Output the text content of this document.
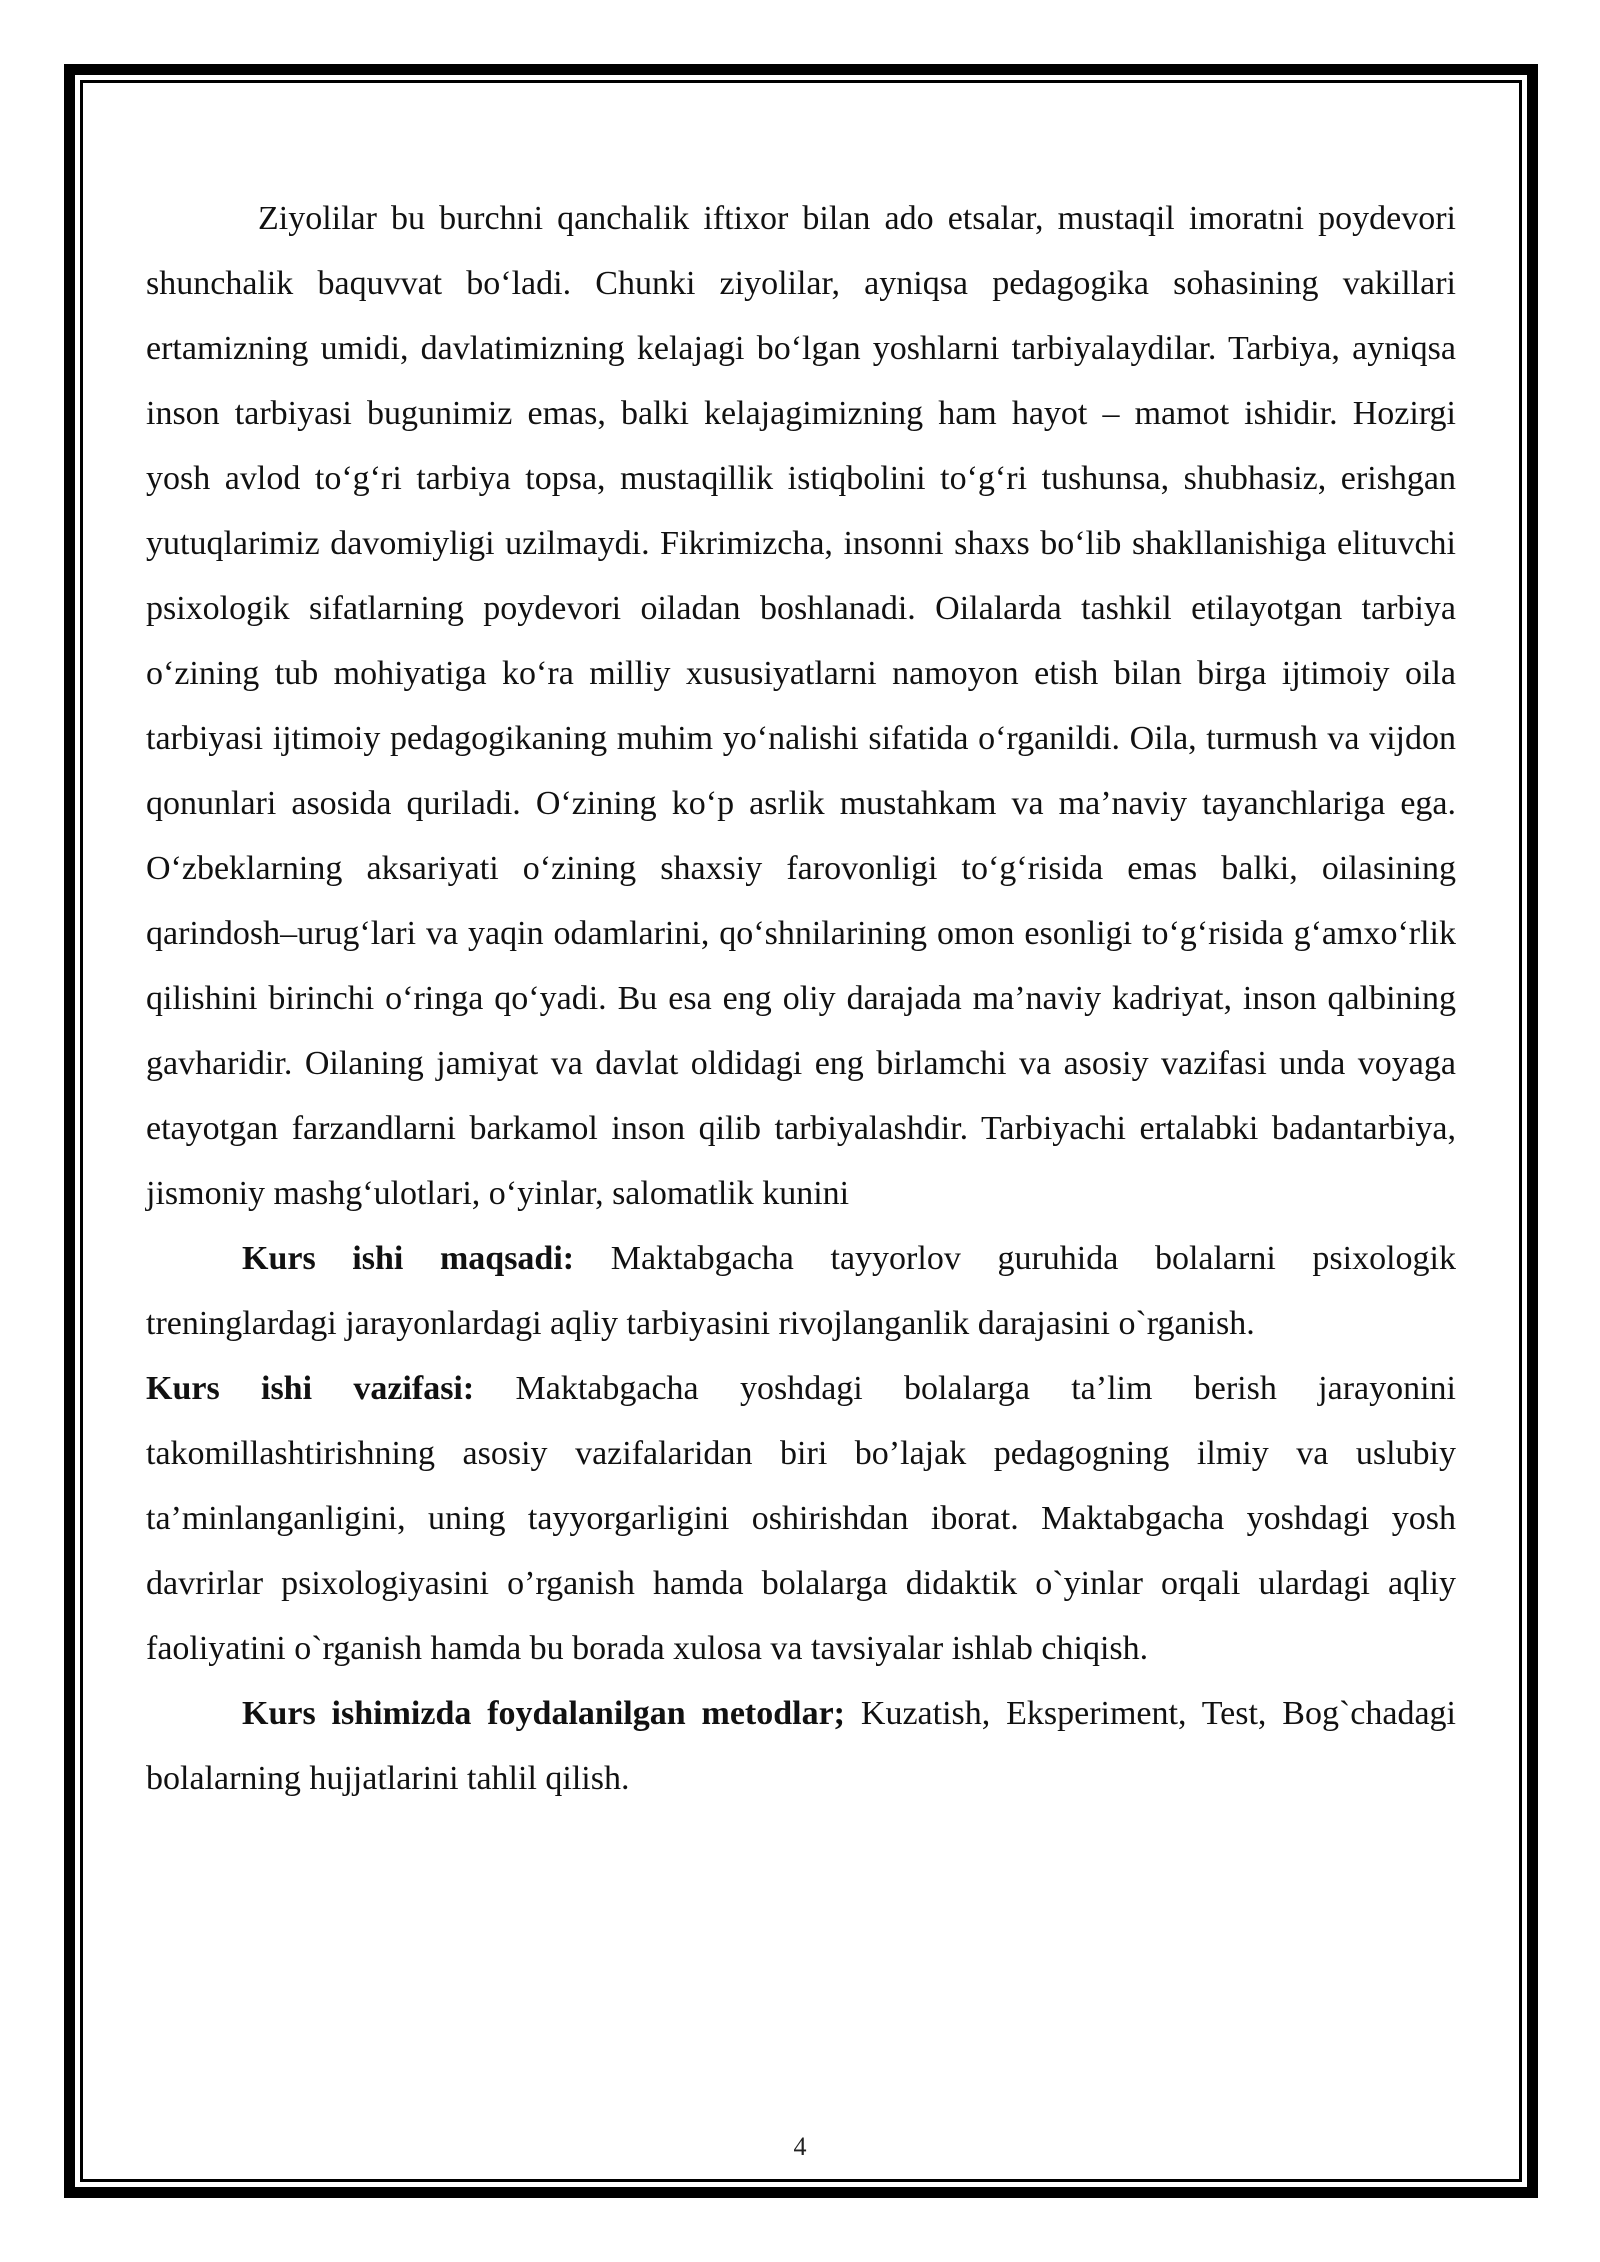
Ziyolilar bu burchni qanchalik iftixor bilan ado etsalar, mustaqil imoratni poydevori shunchalik baquvvat bo‘ladi. Chunki ziyolilar, ayniqsa pedagogika sohasining vakillari ertamizning umidi, davlatimizning kelajagi bo‘lgan yoshlarni tarbiyalaydilar. Tarbiya, ayniqsa inson tarbiyasi bugunimiz emas, balki kelajagimizning ham hayot – mamot ishidir. Hozirgi yosh avlod to‘g‘ri tarbiya topsa, mustaqillik istiqbolini to‘g‘ri tushunsa, shubhasiz, erishgan yutuqlarimiz davomiyligi uzilmaydi. Fikrimizcha, insonni shaxs bo‘lib shakllanishiga elituvchi psixologik sifatlarning poydevori oiladan boshlanadi. Oilalarda tashkil etilayotgan tarbiya o‘zining tub mohiyatiga ko‘ra milliy xususiyatlarni namoyon etish bilan birga ijtimoiy oila tarbiyasi ijtimoiy pedagogikaning muhim yo‘nalishi sifatida o‘rganildi. Oila, turmush va vijdon qonunlari asosida quriladi. O‘zining ko‘p asrlik mustahkam va ma’naviy tayanchlariga ega. O‘zbeklarning aksariyati o‘zining shaxsiy farovonligi to‘g‘risida emas balki, oilasining qarindosh–urug‘lari va yaqin odamlarini, qo‘shnilarining omon esonligi to‘g‘risida g‘amxo‘rlik qilishini birinchi o‘ringa qo‘yadi. Bu esa eng oliy darajada ma’naviy kadriyat, inson qalbining gavharidir. Oilaning jamiyat va davlat oldidagi eng birlamchi va asosiy vazifasi unda voyaga etayotgan farzandlarni barkamol inson qilib tarbiyalashdir. Tarbiyachi ertalabki badantarbiya, jismoniy mashg‘ulotlari, o‘yinlar, salomatlik kunini

Kurs ishi maqsadi: Maktabgacha tayyorlov guruhida bolalarni psixologik treninglardagi jarayonlardagi aqliy tarbiyasini rivojlanganlik darajasini o`rganish.

Kurs ishi vazifasi: Maktabgacha yoshdagi bolalarga ta’lim berish jarayonini takomillashtirishning asosiy vazifalaridan biri bo’lajak pedagogning ilmiy va uslubiy ta’minlanganligini, uning tayyorgarligini oshirishdan iborat. Maktabgacha yoshdagi yosh davrirlar psixologiyasini o’rganish hamda bolalarga didaktik o`yinlar orqali ulardagi aqliy faoliyatini o`rganish hamda bu borada xulosa va tavsiyalar ishlab chiqish.

Kurs ishimizda foydalanilgan metodlar; Kuzatish, Eksperiment, Test, Bog`chadagi bolalarning hujjatlarini tahlil qilish.

4
